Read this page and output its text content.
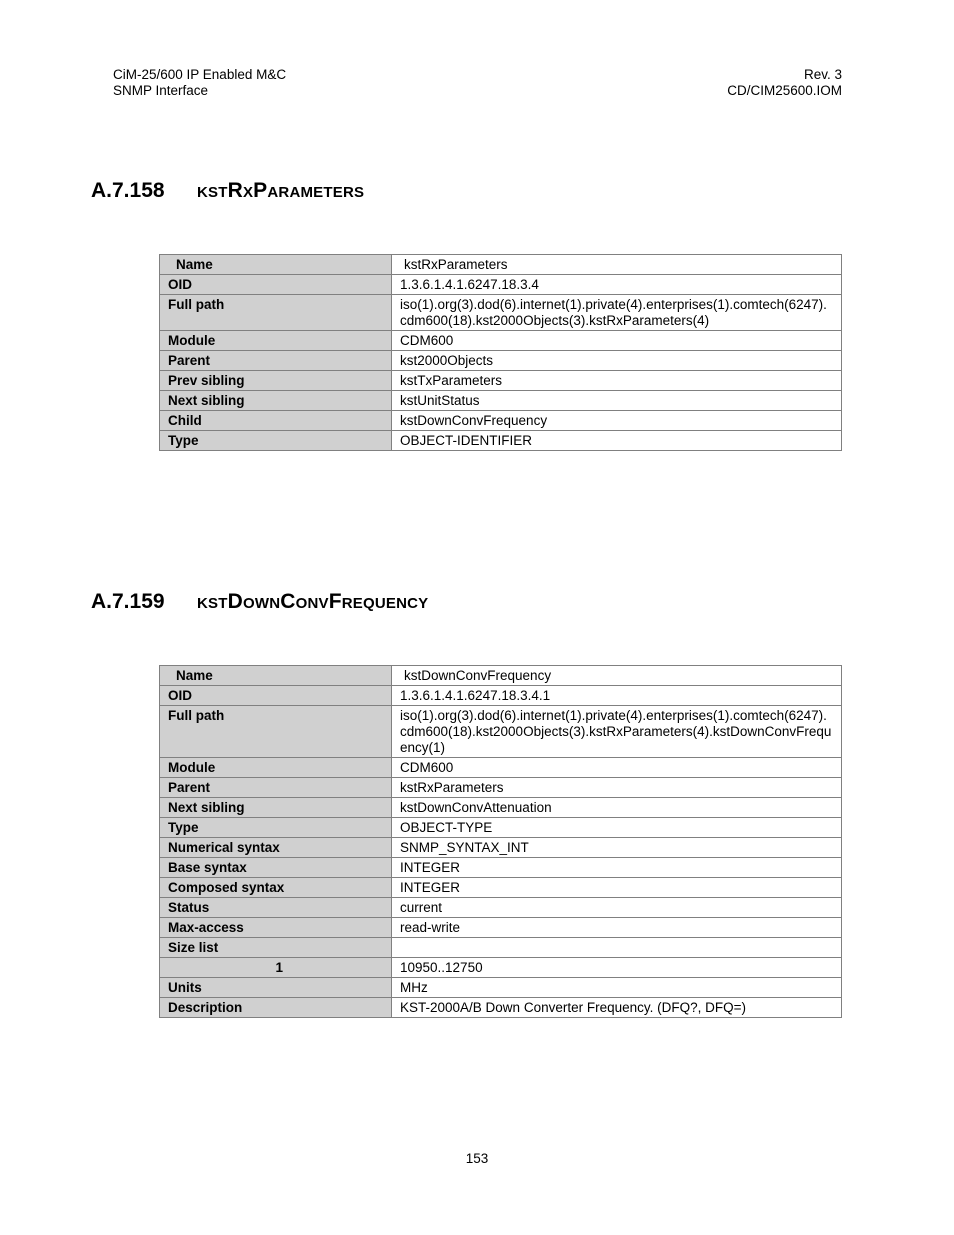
CiM-25/600 IP Enabled M&C
SNMP Interface
Rev. 3
CD/CIM25600.IOM
A.7.158 kstRxParameters
Name	kstRxParameters
OID	1.3.6.1.4.1.6247.18.3.4
Full path	iso(1).org(3).dod(6).internet(1).private(4).enterprises(1).comtech(6247).cdm600(18).kst2000Objects(3).kstRxParameters(4)
Module	CDM600
Parent	kst2000Objects
Prev sibling	kstTxParameters
Next sibling	kstUnitStatus
Child	kstDownConvFrequency
Type	OBJECT-IDENTIFIER
A.7.159 kstDownConvFrequency
Name	kstDownConvFrequency
OID	1.3.6.1.4.1.6247.18.3.4.1
Full path	iso(1).org(3).dod(6).internet(1).private(4).enterprises(1).comtech(6247).cdm600(18).kst2000Objects(3).kstRxParameters(4).kstDownConvFrequency(1)
Module	CDM600
Parent	kstRxParameters
Next sibling	kstDownConvAttenuation
Type	OBJECT-TYPE
Numerical syntax	SNMP_SYNTAX_INT
Base syntax	INTEGER
Composed syntax	INTEGER
Status	current
Max-access	read-write
Size list	
1	10950..12750
Units	MHz
Description	KST-2000A/B Down Converter Frequency. (DFQ?, DFQ=)
153
